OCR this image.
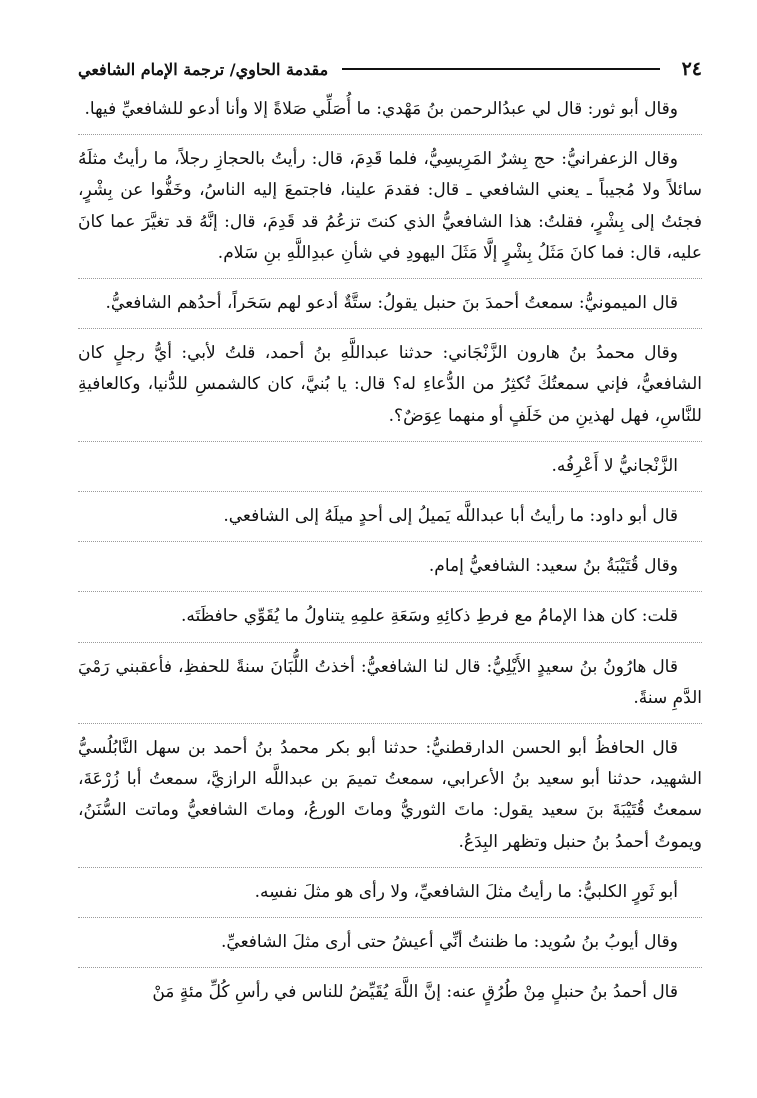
٢٤
مقدمة الحاوي/ ترجمة الإمام الشافعي

وقال أبو ثور: قال لي عبدُالرحمن بنُ مَهْدي: ما أُصَلِّي صَلاةً إلا وأنا أدعو للشافعيِّ فيها.

وقال الزعفرانيُّ: حج بِشرٌ المَرِيسِيُّ، فلما قَدِمَ، قال: رأيتُ بالحجازِ رجلاً، ما رأيتُ مثلَهُ سائلاً ولا مُجيباً ـ يعني الشافعي ـ قال: فقدمَ علينا، فاجتمعَ إليه الناسُ، وخَفُّوا عن بِشْرٍ، فجئتُ إلى بِشْرٍ، فقلتُ: هذا الشافعيُّ الذي كنتَ تزعُمُ قد قَدِمَ، قال: إنَّهُ قد تغيَّرَ عما كانَ عليه، قال: فما كانَ مَثَلُ بِشْرٍ إلَّا مَثَلَ اليهودِ في شأنِ عبدِاللَّهِ بنِ سَلام.

قال الميمونيُّ: سمعتُ أحمدَ بنَ حنبل يقولُ: ستَّةٌ أدعو لهم سَحَراً، أحدُهم الشافعيُّ.

وقال محمدُ بنُ هارون الزَّنْجَاني: حدثنا عبداللَّهِ بنُ أحمد، قلتُ لأبي: أيُّ رجلٍ كان الشافعيُّ، فإني سمعتُكَ تُكثِرُ من الدُّعاءِ له؟ قال: يا بُنيَّ، كان كالشمسِ للدُّنيا، وكالعافيةِ للنَّاسِ، فهل لهذينِ من خَلَفٍ أو منهما عِوَضٌ؟.

الزَّنْجانيُّ لا أَعْرِفُه.

قال أبو داود: ما رأيتُ أبا عبداللَّه يَميلُ إلى أحدٍ ميلَهُ إلى الشافعي.

وقال قُتَيْبَةُ بنُ سعيد: الشافعيُّ إمام.

قلت: كان هذا الإمامُ مع فرطِ ذكائِهِ وسَعَةِ علمِهِ يتناولُ ما يُقَوِّي حافظَتَه.

قال هارُونُ بنُ سعيدٍ الأَيْلِيُّ: قال لنا الشافعيُّ: أخذتُ اللُّبَانَ سنةً للحفظِ، فأعقبني رَمْيَ الدَّمِ سنةً.

قال الحافظُ أبو الحسن الدارقطنيُّ: حدثنا أبو بكر محمدُ بنُ أحمد بن سهل النَّابُلُسيُّ الشهيد، حدثنا أبو سعيد بنُ الأعرابي، سمعتُ تميمَ بن عبداللَّه الرازيَّ، سمعتُ أبا زُرْعَةَ، سمعتُ قُتَيْبَةَ بنَ سعيد يقول: ماتَ الثوريُّ وماتَ الورعُ، وماتَ الشافعيُّ وماتت السُّنَنُ، ويموتُ أحمدُ بنُ حنبل وتظهر البِدَعُ.

أبو ثَورٍ الكلبيُّ: ما رأيتُ مثلَ الشافعيِّ، ولا رأى هو مثلَ نفسِه.

وقال أيوبُ بنُ سُويد: ما ظننتُ أنِّي أعيشُ حتى أرى مثلَ الشافعيِّ.

قال أحمدُ بنُ حنبلٍ مِنْ طُرُقٍ عنه: إنَّ اللَّهَ يُقَيِّضُ للناس في رأسِ كُلِّ مئةٍ مَنْ
